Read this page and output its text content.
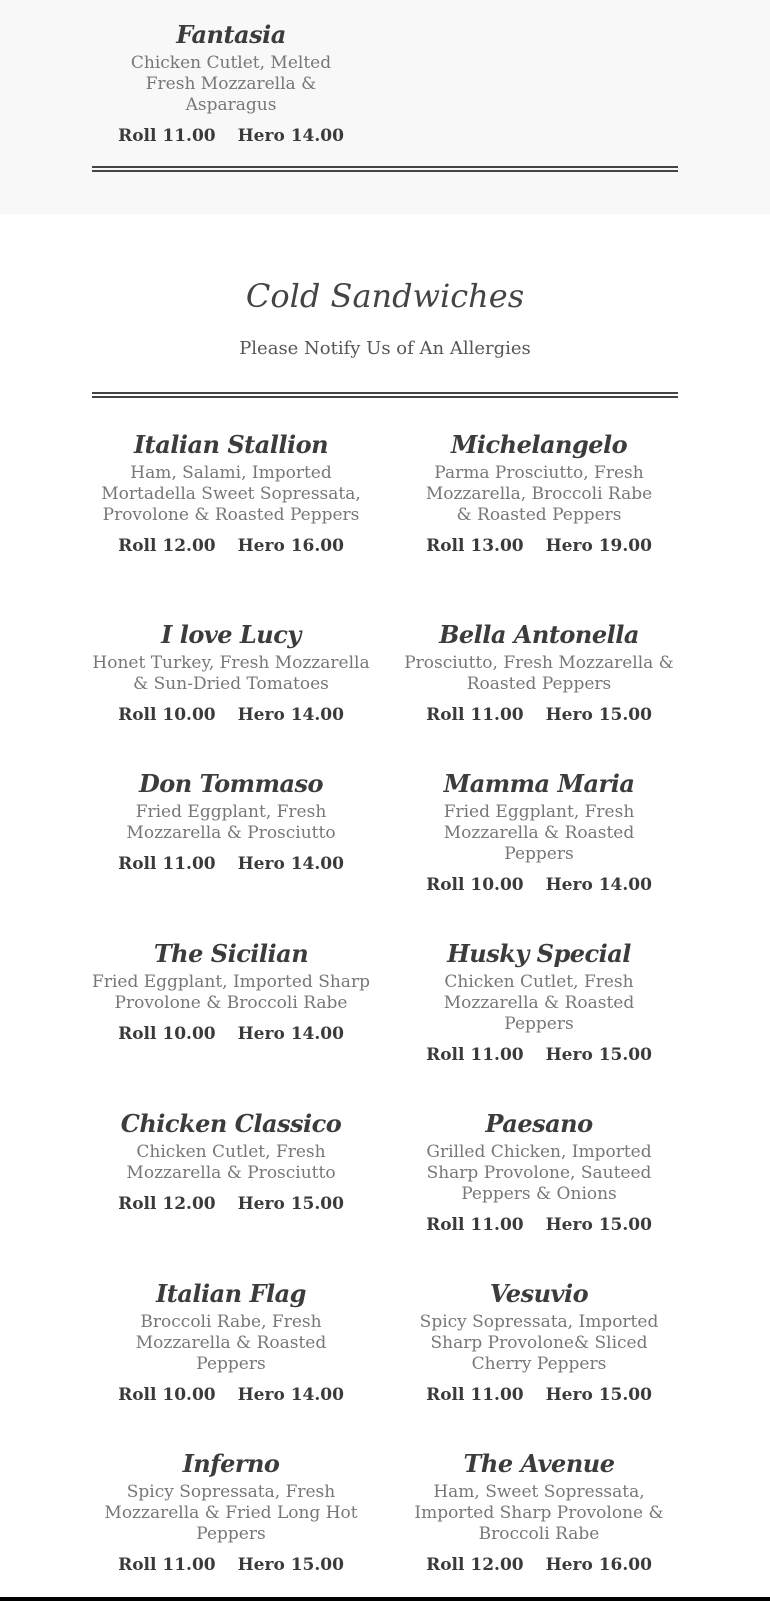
Fantasia
Chicken Cutlet, Melted Fresh Mozzarella & Asparagus
Roll 11.00 Hero 14.00
Cold Sandwiches
Please Notify Us of An Allergies
Italian Stallion
Ham, Salami, Imported Mortadella Sweet Sopressata, Provolone & Roasted Peppers
Roll 12.00 Hero 16.00
Michelangelo
Parma Prosciutto, Fresh Mozzarella, Broccoli Rabe & Roasted Peppers
Roll 13.00 Hero 19.00
I love Lucy
Honet Turkey, Fresh Mozzarella & Sun-Dried Tomatoes
Roll 10.00 Hero 14.00
Bella Antonella
Prosciutto, Fresh Mozzarella & Roasted Peppers
Roll 11.00 Hero 15.00
Don Tommaso
Fried Eggplant, Fresh Mozzarella & Prosciutto
Roll 11.00 Hero 14.00
Mamma Maria
Fried Eggplant, Fresh Mozzarella & Roasted Peppers
Roll 10.00 Hero 14.00
The Sicilian
Fried Eggplant, Imported Sharp Provolone & Broccoli Rabe
Roll 10.00 Hero 14.00
Husky Special
Chicken Cutlet, Fresh Mozzarella & Roasted Peppers
Roll 11.00 Hero 15.00
Chicken Classico
Chicken Cutlet, Fresh Mozzarella & Prosciutto
Roll 12.00 Hero 15.00
Paesano
Grilled Chicken, Imported Sharp Provolone, Sauteed Peppers & Onions
Roll 11.00 Hero 15.00
Italian Flag
Broccoli Rabe, Fresh Mozzarella & Roasted Peppers
Roll 10.00 Hero 14.00
Vesuvio
Spicy Sopressata, Imported Sharp Provolone& Sliced Cherry Peppers
Roll 11.00 Hero 15.00
Inferno
Spicy Sopressata, Fresh Mozzarella & Fried Long Hot Peppers
Roll 11.00 Hero 15.00
The Avenue
Ham, Sweet Sopressata, Imported Sharp Provolone & Broccoli Rabe
Roll 12.00 Hero 16.00
